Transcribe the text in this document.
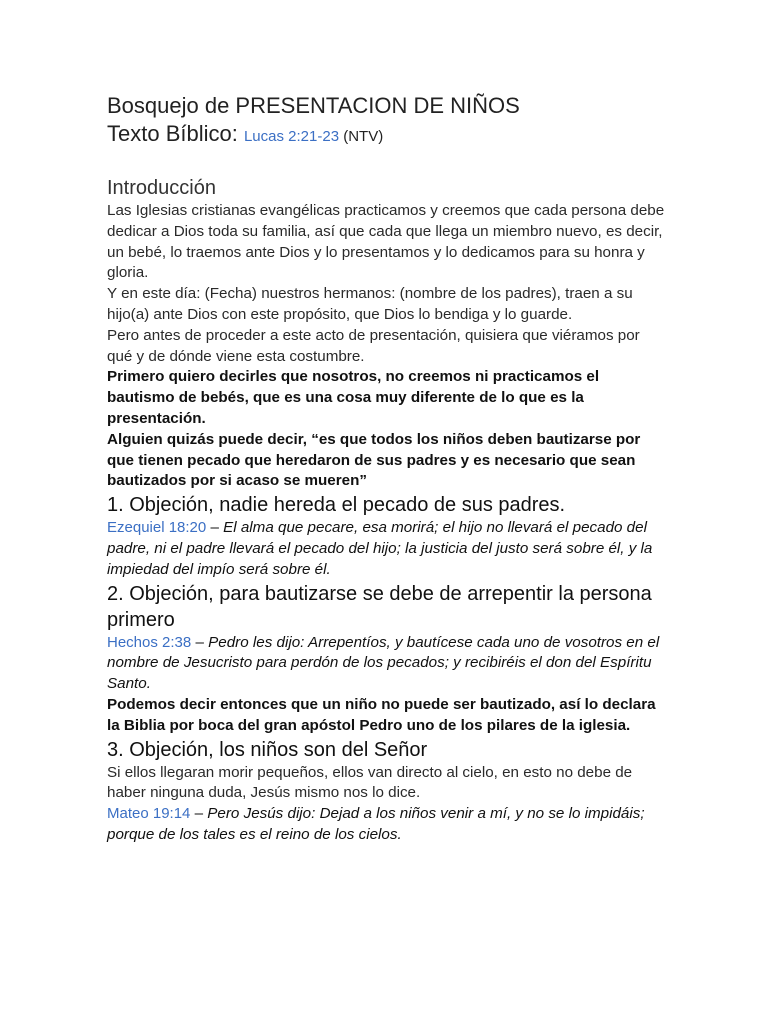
Bosquejo de PRESENTACION DE NIÑOS
Texto Bíblico: Lucas 2:21-23 (NTV)
Introducción

Las Iglesias cristianas evangélicas practicamos y creemos que cada persona debe dedicar a Dios toda su familia, así que cada que llega un miembro nuevo, es decir, un bebé, lo traemos ante Dios y lo presentamos y lo dedicamos para su honra y gloria.

Y en este día: (Fecha) nuestros hermanos: (nombre de los padres), traen a su hijo(a) ante Dios con este propósito, que Dios lo bendiga y lo guarde.

Pero antes de proceder a este acto de presentación, quisiera que viéramos por qué y de dónde viene esta costumbre.

Primero quiero decirles que nosotros, no creemos ni practicamos el bautismo de bebés, que es una cosa muy diferente de lo que es la presentación.

Alguien quizás puede decir, “es que todos los niños deben bautizarse por que tienen pecado que heredaron de sus padres y es necesario que sean bautizados por si acaso se mueren”

1. Objeción, nadie hereda el pecado de sus padres.

Ezequiel 18:20 – El alma que pecare, esa morirá; el hijo no llevará el pecado del padre, ni el padre llevará el pecado del hijo; la justicia del justo será sobre él, y la impiedad del impío será sobre él.

2. Objeción, para bautizarse se debe de arrepentir la persona primero

Hechos 2:38 – Pedro les dijo: Arrepentíos, y bautícese cada uno de vosotros en el nombre de Jesucristo para perdón de los pecados; y recibiréis el don del Espíritu Santo.

Podemos decir entonces que un niño no puede ser bautizado, así lo declara la Biblia por boca del gran apóstol Pedro uno de los pilares de la iglesia.

3. Objeción, los niños son del Señor

Si ellos llegaran morir pequeños, ellos van directo al cielo, en esto no debe de haber ninguna duda, Jesús mismo nos lo dice.

Mateo 19:14 – Pero Jesús dijo: Dejad a los niños venir a mí, y no se lo impidáis; porque de los tales es el reino de los cielos.
